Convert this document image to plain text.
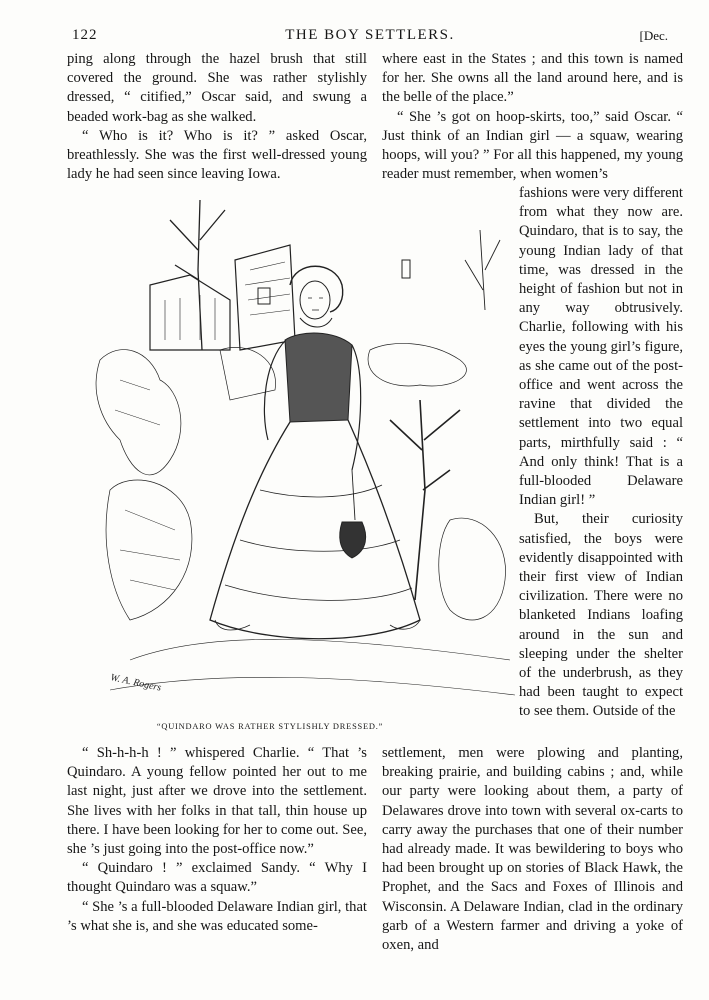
122	THE BOY SETTLERS.	[Dec.

ping along through the hazel brush that still covered the ground. She was rather stylishly dressed, “ citified,” Oscar said, and swung a beaded work-bag as she walked.

“ Who is it? Who is it? ” asked Oscar, breathlessly. She was the first well-dressed young lady he had seen since leaving Iowa.

where east in the States ; and this town is named for her. She owns all the land around here, and is the belle of the place.”

“ She ’s got on hoop-skirts, too,” said Oscar. “ Just think of an Indian girl — a squaw, wearing hoops, will you? ” For all this happened, my young reader must remember, when women’s

fashions were very different from what they now are. Quindaro, that is to say, the young Indian lady of that time, was dressed in the height of fashion but not in any way obtrusively. Charlie, following with his eyes the young girl’s figure, as she came out of the post-office and went across the ravine that divided the settlement into two equal parts, mirthfully said : “ And only think! That is a full-blooded Delaware Indian girl! ”

But, their curiosity satisfied, the boys were evidently disappointed with their first view of Indian civilization. There were no blanketed Indians loafing around in the sun and sleeping under the shelter of the underbrush, as they had been taught to expect to see them. Outside of the

W. A. Rogers
“QUINDARO WAS RATHER STYLISHLY DRESSED.”

“ Sh-h-h-h ! ” whispered Charlie. “ That ’s Quindaro. A young fellow pointed her out to me last night, just after we drove into the settlement. She lives with her folks in that tall, thin house up there. I have been looking for her to come out. See, she ’s just going into the post-office now.”

“ Quindaro ! ” exclaimed Sandy. “ Why I thought Quindaro was a squaw.”

“ She ’s a full-blooded Delaware Indian girl, that ’s what she is, and she was educated some-

settlement, men were plowing and planting, breaking prairie, and building cabins ; and, while our party were looking about them, a party of Delawares drove into town with several ox-carts to carry away the purchases that one of their number had already made. It was bewildering to boys who had been brought up on stories of Black Hawk, the Prophet, and the Sacs and Foxes of Illinois and Wisconsin. A Delaware Indian, clad in the ordinary garb of a Western farmer and driving a yoke of oxen, and
